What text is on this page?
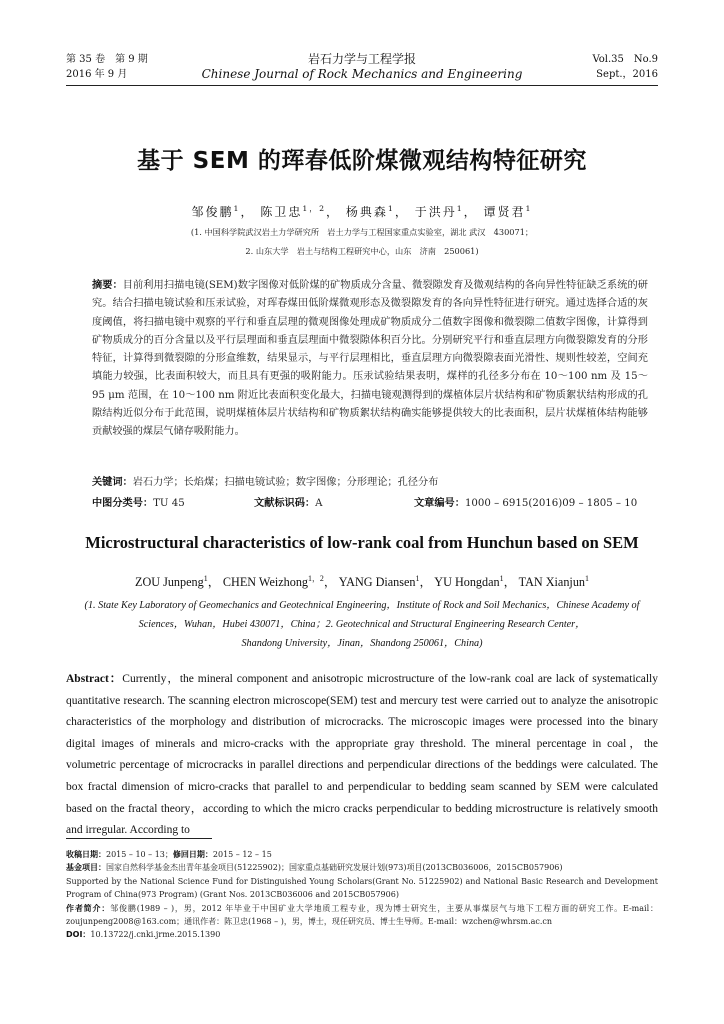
第 35 卷　第 9 期
2016 年 9 月
岩石力学与工程学报
Chinese Journal of Rock Mechanics and Engineering
Vol.35　No.9
Sept.，2016
基于 SEM 的珲春低阶煤微观结构特征研究
邹俊鹏$^1$， 陈卫忠$^{1,2}$， 杨典森$^1$， 于洪丹$^1$， 谭贤君$^1$
(1. 中国科学院武汉岩土力学研究所　岩土力学与工程国家重点实验室，湖北 武汉　430071；
2. 山东大学　岩土与结构工程研究中心，山东　济南　250061)
摘要：目前利用扫描电镜(SEM)数字图像对低阶煤的矿物质成分含量、微裂隙发育及微观结构的各向异性特征缺乏系统的研究。结合扫描电镜试验和压汞试验，对珲春煤田低阶煤微观形态及微裂隙发育的各向异性特征进行研究。通过选择合适的灰度阈值，将扫描电镜中观察的平行和垂直层理的微观图像处理成矿物质成分二值数字图像和微裂隙二值数字图像，计算得到矿物质成分的百分含量以及平行层理面和垂直层理面中微裂隙体积百分比。分别研究平行和垂直层理方向微裂隙发育的分形特征，计算得到微裂隙的分形盒维数，结果显示，与平行层理相比，垂直层理方向微裂隙表面光滑性、规则性较差，空间充填能力较强，比表面积较大，而且具有更强的吸附能力。压汞试验结果表明，煤样的孔径多分布在 10～100 nm 及 15～95 μm 范围，在 10～100 nm 附近比表面积变化最大，扫描电镜观测得到的煤植体层片状结构和矿物质絮状结构形成的孔隙结构近似分布于此范围，说明煤植体层片状结构和矿物质絮状结构确实能够提供较大的比表面积，层片状煤植体结构能够贡献较强的煤层气储存吸附能力。
关键词：岩石力学；长焰煤；扫描电镜试验；数字图像；分形理论；孔径分布
中图分类号：TU 45	文献标识码：A	文章编号：1000 – 6915(2016)09 – 1805 – 10
Microstructural characteristics of low-rank coal from Hunchun based on SEM
ZOU Junpeng$^1$， CHEN Weizhong$^{1,2}$， YANG Diansen$^1$， YU Hongdan$^1$， TAN Xianjun$^1$
(1. State Key Laboratory of Geomechanics and Geotechnical Engineering，Institute of Rock and Soil Mechanics，Chinese Academy of
Sciences，Wuhan，Hubei 430071，China；2. Geotechnical and Structural Engineering Research Center，
Shandong University，Jinan，Shandong 250061，China)
Abstract：Currently，the mineral component and anisotropic microstructure of the low-rank coal are lack of systematically quantitative research. The scanning electron microscope(SEM) test and mercury test were carried out to analyze the anisotropic characteristics of the morphology and distribution of microcracks. The microscopic images were processed into the binary digital images of minerals and micro-cracks with the appropriate gray threshold. The mineral percentage in coal，the volumetric percentage of microcracks in parallel directions and perpendicular directions of the beddings were calculated. The box fractal dimension of micro-cracks that parallel to and perpendicular to bedding seam scanned by SEM were calculated based on the fractal theory，according to which the micro cracks perpendicular to bedding microstructure is relatively smooth and irregular. According to

收稿日期：2015 – 10 – 13；修回日期：2015 – 12 – 15

基金项目：国家自然科学基金杰出青年基金项目(51225902)；国家重点基础研究发展计划(973)项目(2013CB036006，2015CB057906)

Supported by the National Science Fund for Distinguished Young Scholars(Grant No. 51225902) and National Basic Research and Development Program of China(973 Program) (Grant Nos. 2013CB036006 and 2015CB057906)

作者简介：邹俊鹏(1989 – )，男，2012 年毕业于中国矿业大学地质工程专业，现为博士研究生，主要从事煤层气与地下工程方面的研究工作。E-mail：zoujunpeng2008@163.com；通讯作者：陈卫忠(1968 – )，男，博士，现任研究员、博士生导师。E-mail：wzchen@whrsm.ac.cn

DOI：10.13722/j.cnki.jrme.2015.1390
